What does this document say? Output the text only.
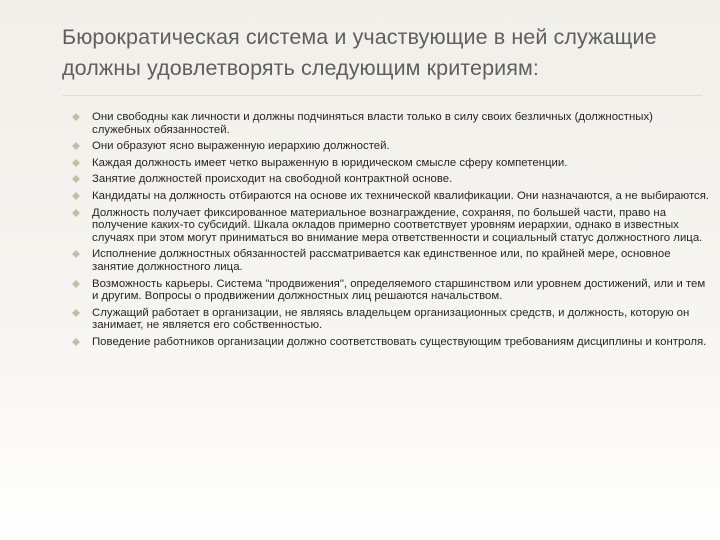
Бюрократическая система и участвующие в ней служащие должны удовлетворять следующим критериям:
Они свободны как личности и должны подчиняться власти только в силу своих безличных (должностных) служебных обязанностей.
Они образуют ясно выраженную иерархию должностей.
Каждая должность имеет четко выраженную в юридическом смысле сферу компетенции.
Занятие должностей происходит на свободной контрактной основе.
Кандидаты на должность отбираются на основе их технической квалификации. Они назначаются, а не выбираются.
Должность получает фиксированное материальное вознаграждение, сохраняя, по большей части, право на получение каких-то субсидий. Шкала окладов примерно соответствует уровням иерархии, однако в известных случаях при этом могут приниматься во внимание мера ответственности и социальный статус должностного лица.
Исполнение должностных обязанностей рассматривается как единственное или, по крайней мере, основное занятие должностного лица.
Возможность карьеры. Система "продвижения", определяемого старшинством или уровнем достижений, или и тем и другим. Вопросы о продвижении должностных лиц решаются начальством.
Служащий работает в организации, не являясь владельцем организационных средств, и должность, которую он занимает, не является его собственностью.
Поведение работников организации должно соответствовать существующим требованиям дисциплины и контроля.
